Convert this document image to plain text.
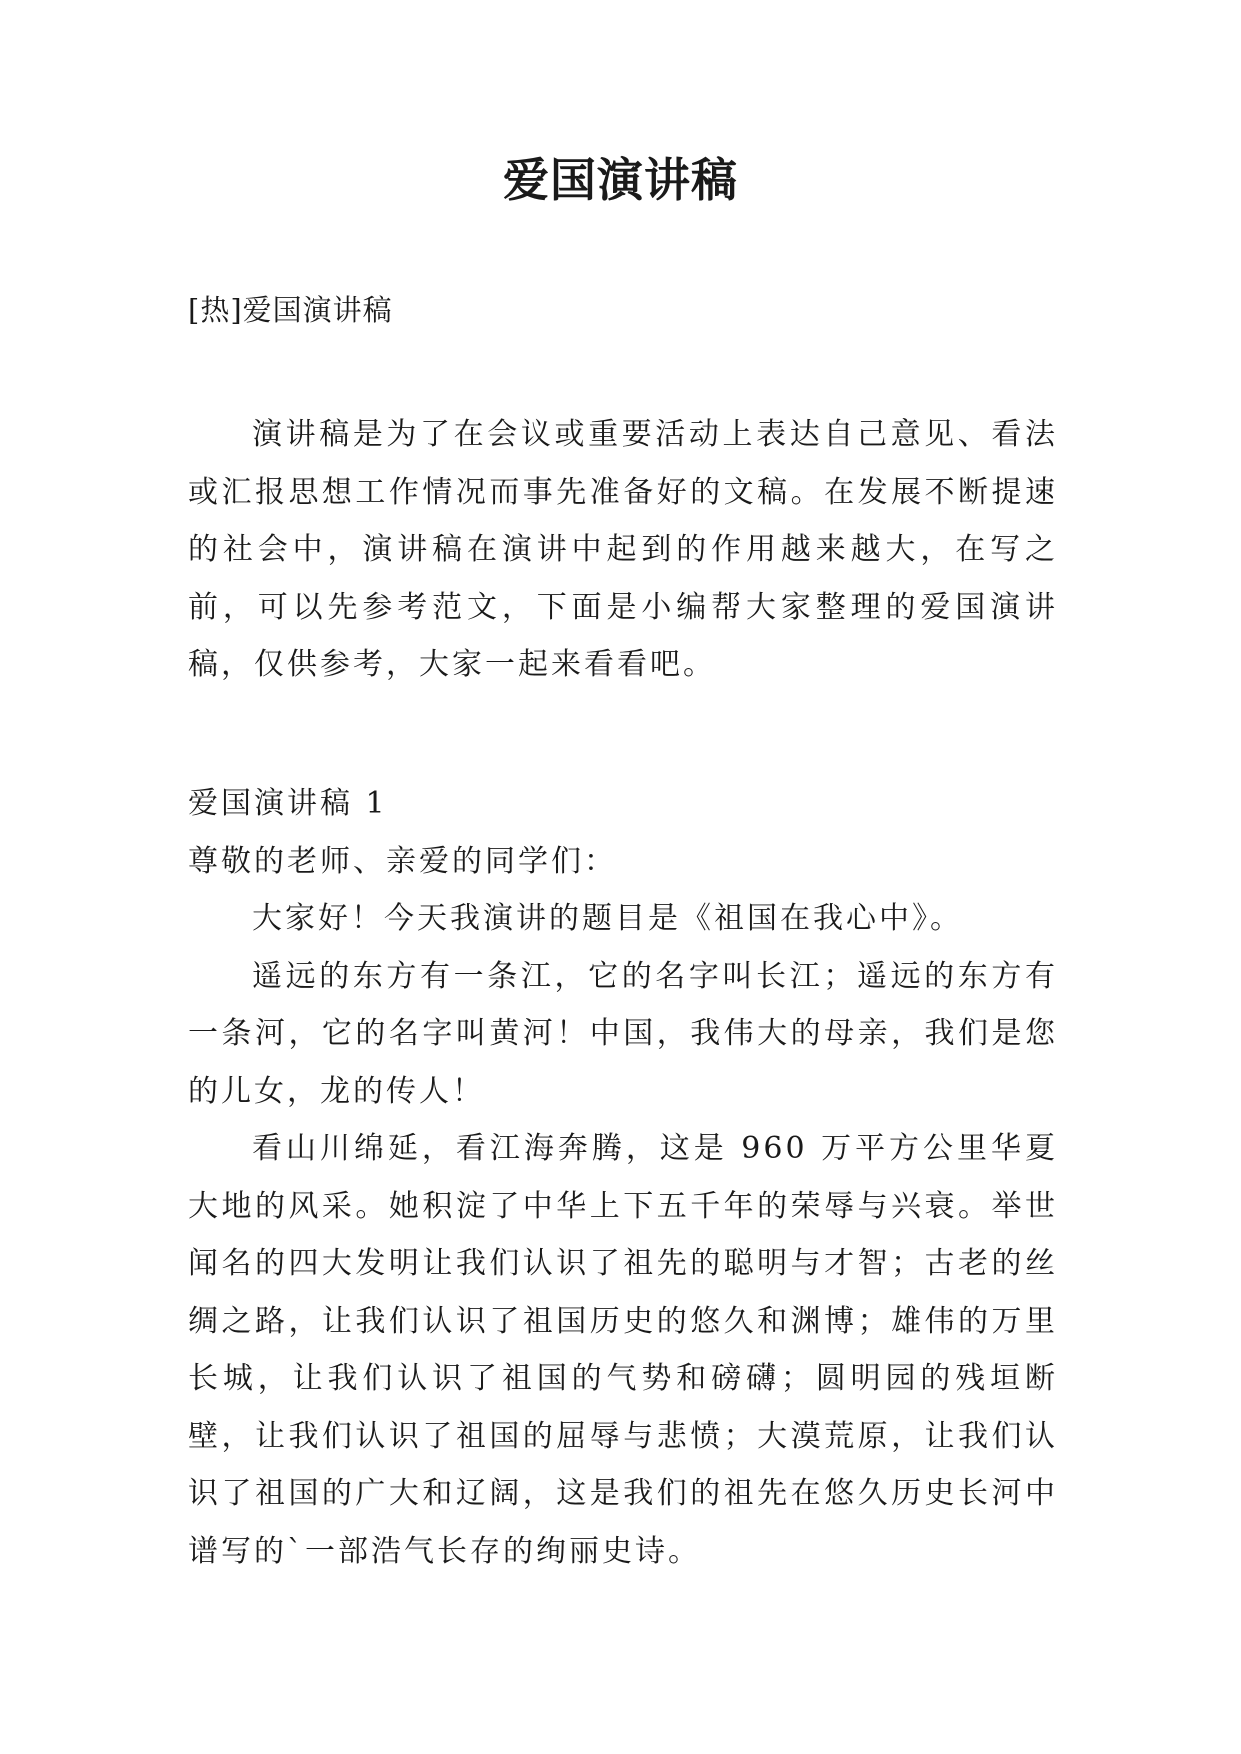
爱国演讲稿

[热]爱国演讲稿

演讲稿是为了在会议或重要活动上表达自己意见、看法或汇报思想工作情况而事先准备好的文稿。在发展不断提速的社会中，演讲稿在演讲中起到的作用越来越大，在写之前，可以先参考范文，下面是小编帮大家整理的爱国演讲稿，仅供参考，大家一起来看看吧。

爱国演讲稿 1

尊敬的老师、亲爱的同学们：

大家好！今天我演讲的题目是《祖国在我心中》。

遥远的东方有一条江，它的名字叫长江；遥远的东方有一条河，它的名字叫黄河！中国，我伟大的母亲，我们是您的儿女，龙的传人！

看山川绵延，看江海奔腾，这是 960 万平方公里华夏大地的风采。她积淀了中华上下五千年的荣辱与兴衰。举世闻名的四大发明让我们认识了祖先的聪明与才智；古老的丝绸之路，让我们认识了祖国历史的悠久和渊博；雄伟的万里长城，让我们认识了祖国的气势和磅礴；圆明园的残垣断壁，让我们认识了祖国的屈辱与悲愤；大漠荒原，让我们认识了祖国的广大和辽阔，这是我们的祖先在悠久历史长河中谱写的`一部浩气长存的绚丽史诗。
